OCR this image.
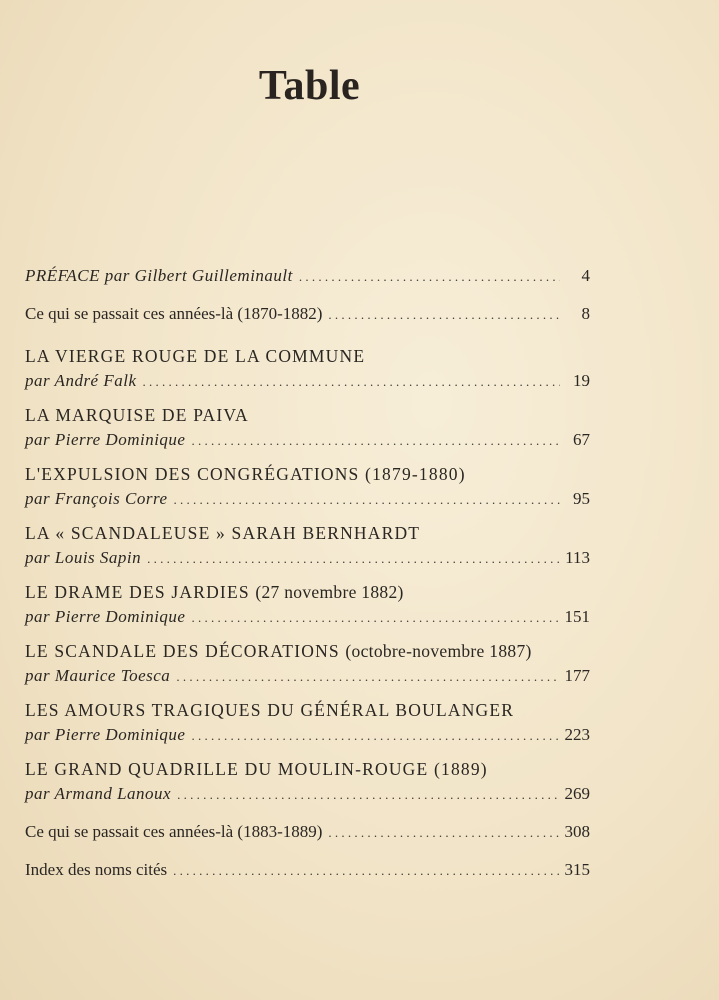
Table
PRÉFACE par Gilbert Guilleminault . . .	4
Ce qui se passait ces années-là (1870-1882) . . .	8
LA VIERGE ROUGE DE LA COMMUNE
par André Falk . . .	19
LA MARQUISE DE PAIVA
par Pierre Dominique . . .	67
L'EXPULSION DES CONGRÉGATIONS (1879-1880)
par François Corre . . .	95
LA « SCANDALEUSE » SARAH BERNHARDT
par Louis Sapin . . .	113
LE DRAME DES JARDIES (27 novembre 1882)
par Pierre Dominique . . .	151
LE SCANDALE DES DÉCORATIONS (octobre-novembre 1887)
par Maurice Toesca . . .	177
LES AMOURS TRAGIQUES DU GÉNÉRAL BOULANGER
par Pierre Dominique . . .	223
LE GRAND QUADRILLE DU MOULIN-ROUGE (1889)
par Armand Lanoux . . .	269
Ce qui se passait ces années-là (1883-1889) . . .	308
Index des noms cités . . .	315
